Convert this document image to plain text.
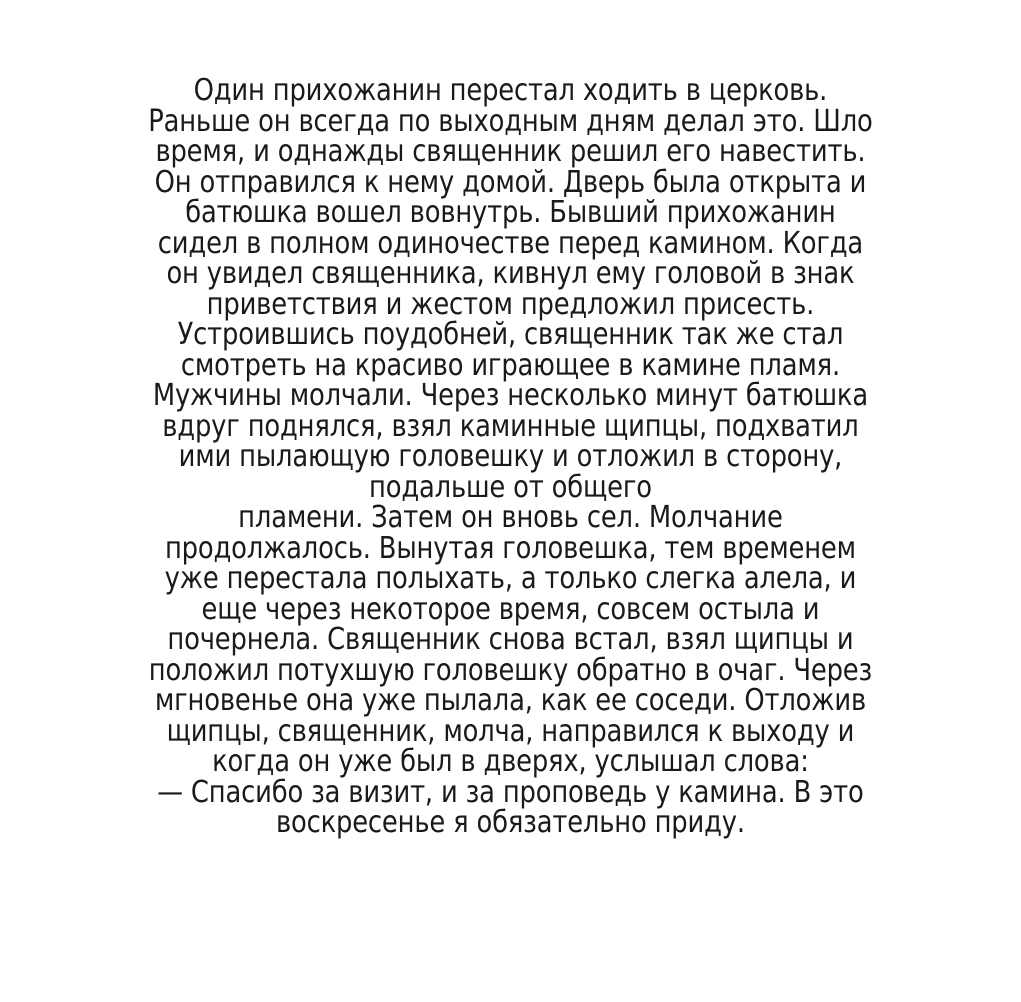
Один прихожанин перестал ходить в церковь.
Раньше он всегда по выходным дням делал это. Шло
время, и однажды священник решил его навестить.
Он отправился к нему домой. Дверь была открыта и
батюшка вошел вовнутрь. Бывший прихожанин
сидел в полном одиночестве перед камином. Когда
он увидел священника, кивнул ему головой в знак
приветствия и жестом предложил присесть.
Устроившись поудобней, священник так же стал
смотреть на красиво играющее в камине пламя.
Мужчины молчали. Через несколько минут батюшка
вдруг поднялся, взял каминные щипцы, подхватил
ими пылающую головешку и отложил в сторону,
подальше от общего
пламени. Затем он вновь сел. Молчание
продолжалось. Вынутая головешка, тем временем
уже перестала полыхать, а только слегка алела, и
еще через некоторое время, совсем остыла и
почернела. Священник снова встал, взял щипцы и
положил потухшую головешку обратно в очаг. Через
мгновенье она уже пылала, как ее соседи. Отложив
щипцы, священник, молча, направился к выходу и
когда он уже был в дверях, услышал слова:
— Спасибо за визит, и за проповедь у камина. В это
воскресенье я обязательно приду.
